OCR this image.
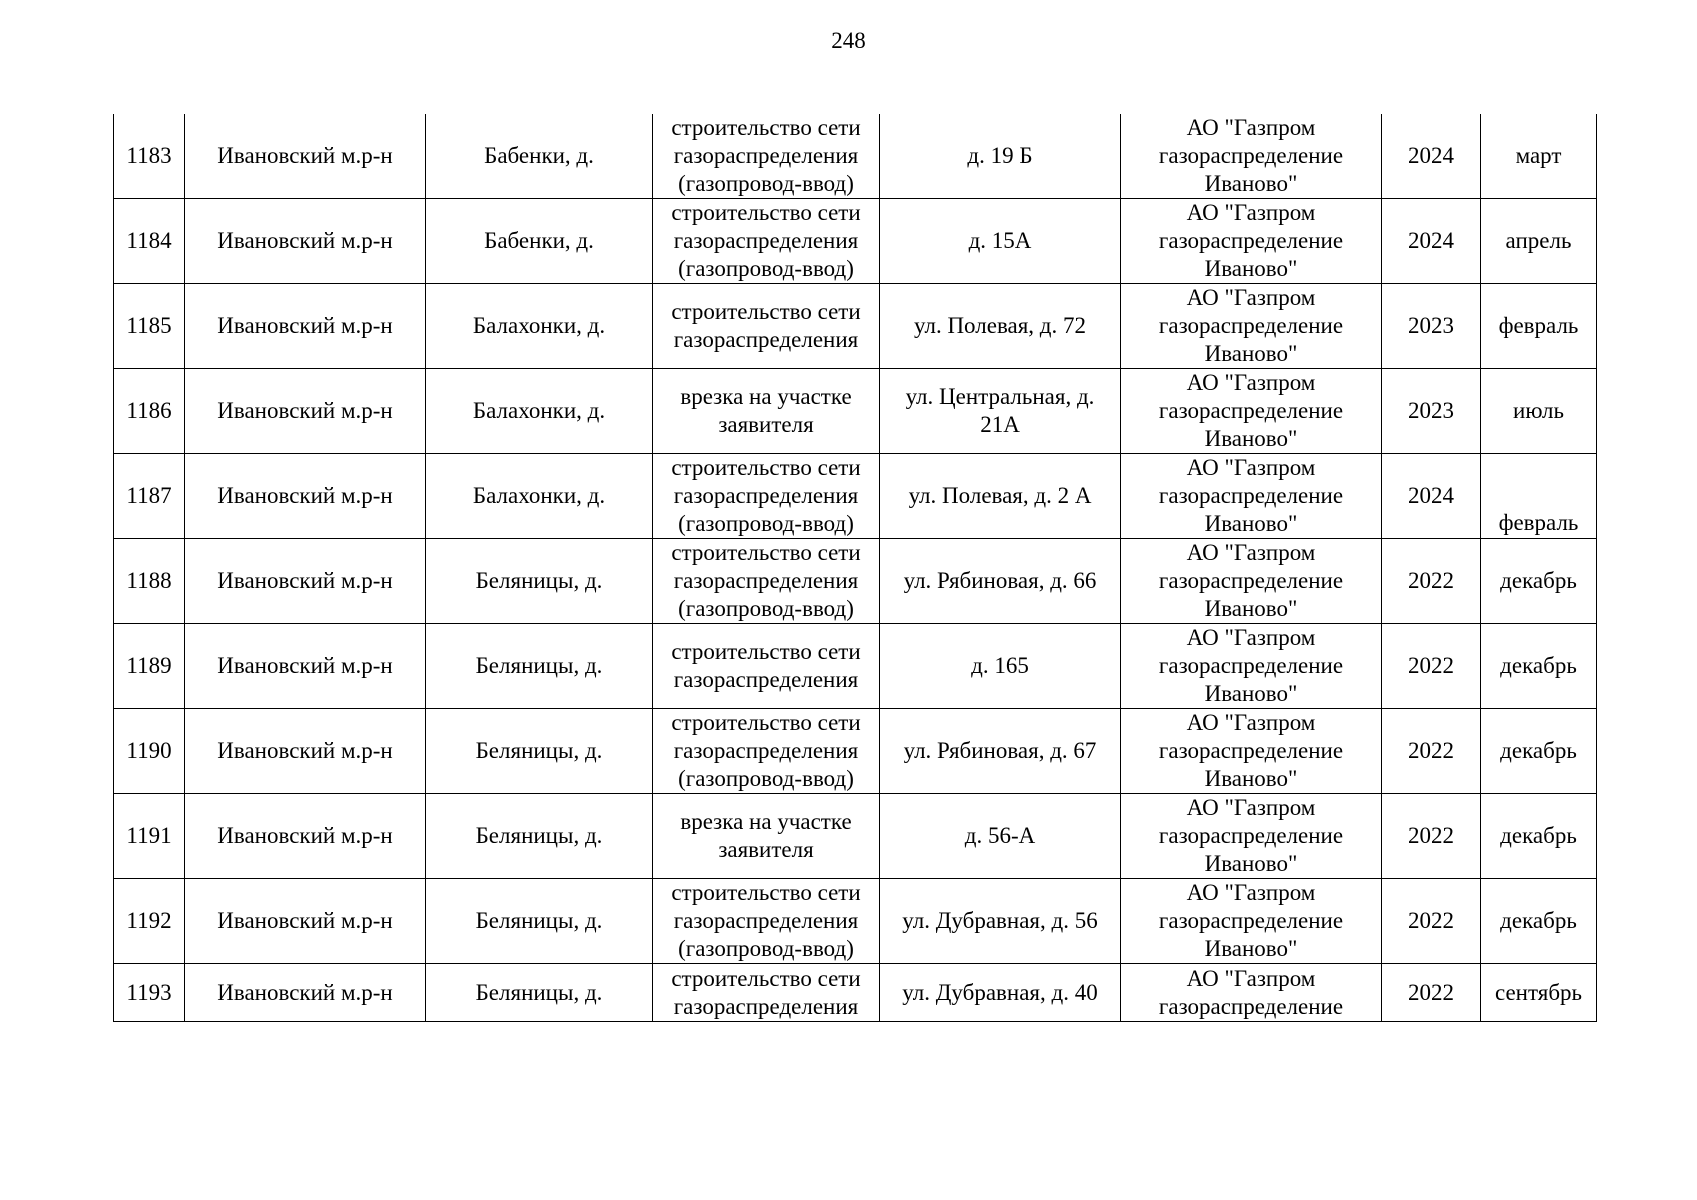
248
1183	Ивановский м.р-н	Бабенки, д.	строительство сети
газораспределения
(газопровод-ввод)	д. 19 Б	АО "Газпром
газораспределение
Иваново"	2024	март
1184	Ивановский м.р-н	Бабенки, д.	строительство сети
газораспределения
(газопровод-ввод)	д. 15А	АО "Газпром
газораспределение
Иваново"	2024	апрель
1185	Ивановский м.р-н	Балахонки, д.	строительство сети
газораспределения	ул. Полевая, д. 72	АО "Газпром
газораспределение
Иваново"	2023	февраль
1186	Ивановский м.р-н	Балахонки, д.	врезка на участке
заявителя	ул. Центральная, д.
21А	АО "Газпром
газораспределение
Иваново"	2023	июль
1187	Ивановский м.р-н	Балахонки, д.	строительство сети
газораспределения
(газопровод-ввод)	ул. Полевая, д. 2 А	АО "Газпром
газораспределение
Иваново"	2024	февраль
1188	Ивановский м.р-н	Беляницы, д.	строительство сети
газораспределения
(газопровод-ввод)	ул. Рябиновая, д. 66	АО "Газпром
газораспределение
Иваново"	2022	декабрь
1189	Ивановский м.р-н	Беляницы, д.	строительство сети
газораспределения	д. 165	АО "Газпром
газораспределение
Иваново"	2022	декабрь
1190	Ивановский м.р-н	Беляницы, д.	строительство сети
газораспределения
(газопровод-ввод)	ул. Рябиновая, д. 67	АО "Газпром
газораспределение
Иваново"	2022	декабрь
1191	Ивановский м.р-н	Беляницы, д.	врезка на участке
заявителя	д. 56-А	АО "Газпром
газораспределение
Иваново"	2022	декабрь
1192	Ивановский м.р-н	Беляницы, д.	строительство сети
газораспределения
(газопровод-ввод)	ул. Дубравная, д. 56	АО "Газпром
газораспределение
Иваново"	2022	декабрь
1193	Ивановский м.р-н	Беляницы, д.	строительство сети
газораспределения	ул. Дубравная, д. 40	АО "Газпром
газораспределение	2022	сентябрь
